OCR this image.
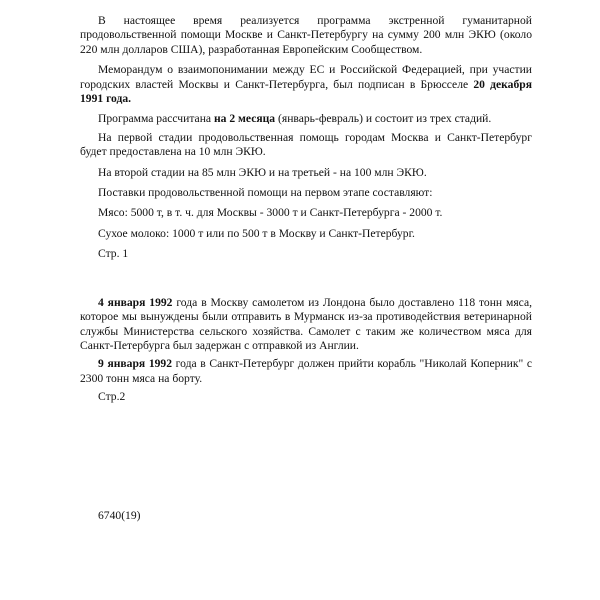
В настоящее время реализуется программа экстренной гуманитарной продовольственной помощи Москве и Санкт-Петербургу на сумму 200 млн ЭКЮ (около 220 млн долларов США), разработанная Европейским Сообществом.

Меморандум о взаимопонимании между ЕС и Российской Федерацией, при участии городских властей Москвы и Санкт-Петербурга, был подписан в Брюсселе 20 декабря 1991 года.

Программа рассчитана на 2 месяца (январь-февраль) и состоит из трех стадий.

На первой стадии продовольственная помощь городам Москва и Санкт-Петербург будет предоставлена на 10 млн ЭКЮ.

На второй стадии на 85 млн ЭКЮ и на третьей - на 100 млн ЭКЮ.

Поставки продовольственной помощи на первом этапе составляют:

Мясо: 5000 т, в т. ч. для Москвы - 3000 т и Санкт-Петербурга - 2000 т.

Сухое молоко: 1000 т или по 500 т в Москву и Санкт-Петербург.

Стр. 1

4 января 1992 года в Москву самолетом из Лондона было доставлено 118 тонн мяса, которое мы вынуждены были отправить в Мурманск из-за противодействия ветеринарной службы Министерства сельского хозяйства. Самолет с таким же количеством мяса для Санкт-Петербурга был задержан с отправкой из Англии.

9 января 1992 года в Санкт-Петербург должен прийти корабль "Николай Коперник" с 2300 тонн мяса на борту.

Стр.2

6740(19)
